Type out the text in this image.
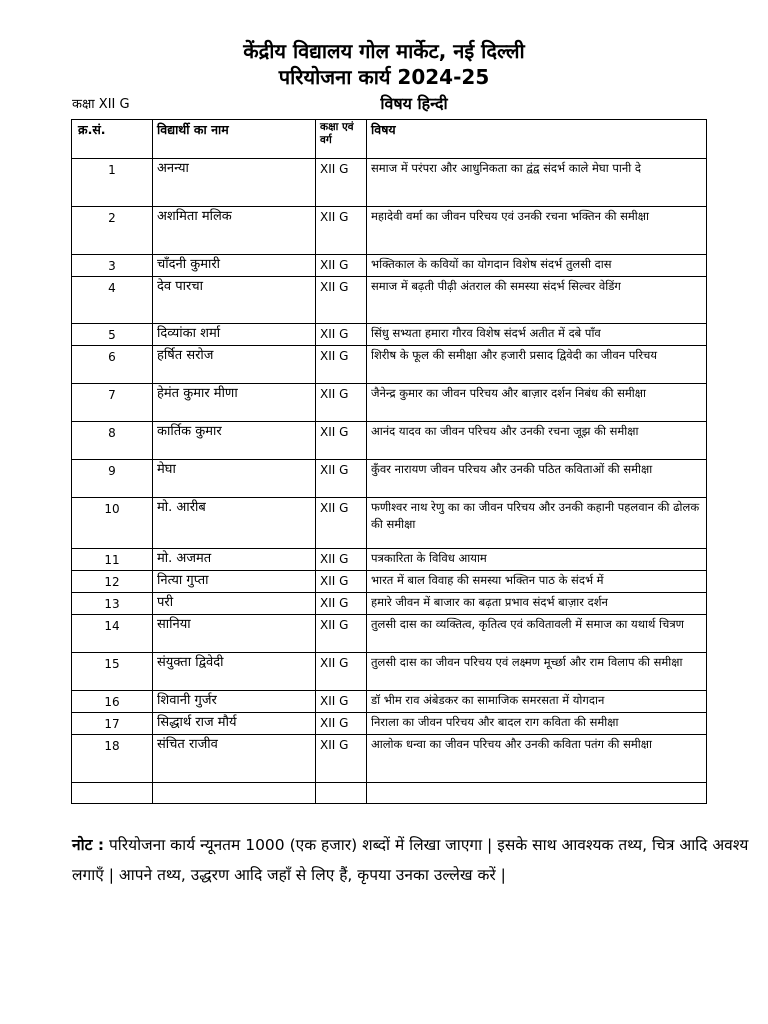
केंद्रीय विद्यालय गोल मार्केट, नई दिल्ली
परियोजना कार्य 2024-25
कक्षा XII G	विषय हिन्दी
क्र.सं.	विद्यार्थी का नाम	कक्षा एवं वर्ग	विषय
1	अनन्या	XII G	समाज में परंपरा और आधुनिकता का द्वंद्व संदर्भ काले मेघा पानी दे
2	अशमिता मलिक	XII G	महादेवी वर्मा का जीवन परिचय एवं उनकी रचना भक्तिन की समीक्षा
3	चाँदनी कुमारी	XII G	भक्तिकाल के कवियों का योगदान विशेष संदर्भ तुलसी दास
4	देव पारचा	XII G	समाज में बढ़ती पीढ़ी अंतराल की समस्या संदर्भ सिल्वर वेडिंग
5	दिव्यांका शर्मा	XII G	सिंधु सभ्यता हमारा गौरव विशेष संदर्भ अतीत में दबे पाँव
6	हर्षित सरोज	XII G	शिरीष के फूल की समीक्षा और हजारी प्रसाद द्विवेदी का जीवन परिचय
7	हेमंत कुमार मीणा	XII G	जैनेन्द्र कुमार का जीवन परिचय और बाज़ार दर्शन निबंध की समीक्षा
8	कार्तिक कुमार	XII G	आनंद यादव का जीवन परिचय और उनकी रचना जूझ की समीक्षा
9	मेघा	XII G	कुँवर नारायण जीवन परिचय और उनकी पठित कविताओं की समीक्षा
10	मो. आरीब	XII G	फणीश्वर नाथ रेणु का का जीवन परिचय और उनकी कहानी पहलवान की ढोलक की समीक्षा
11	मो. अजमत	XII G	पत्रकारिता के विविध आयाम
12	नित्या गुप्ता	XII G	भारत में बाल विवाह की समस्या भक्तिन पाठ के संदर्भ में
13	परी	XII G	हमारे जीवन में बाजार का बढ़ता प्रभाव संदर्भ बाज़ार दर्शन
14	सानिया	XII G	तुलसी दास का व्यक्तित्व, कृतित्व एवं कवितावली में समाज का यथार्थ चित्रण
15	संयुक्ता द्विवेदी	XII G	तुलसी दास का जीवन परिचय एवं लक्ष्मण मूर्च्छा और राम विलाप की समीक्षा
16	शिवानी गुर्जर	XII G	डॉ भीम राव अंबेडकर का सामाजिक समरसता में योगदान
17	सिद्धार्थ राज मौर्य	XII G	निराला का जीवन परिचय और बादल राग कविता की समीक्षा
18	संचित राजीव	XII G	आलोक धन्वा का जीवन परिचय और उनकी कविता पतंग की समीक्षा

नोट : परियोजना कार्य न्यूनतम 1000 (एक हजार) शब्दों में लिखा जाएगा | इसके साथ आवश्यक तथ्य, चित्र आदि अवश्य लगाएँ | आपने तथ्य, उद्धरण आदि जहाँ से लिए हैं, कृपया उनका उल्लेख करें |
